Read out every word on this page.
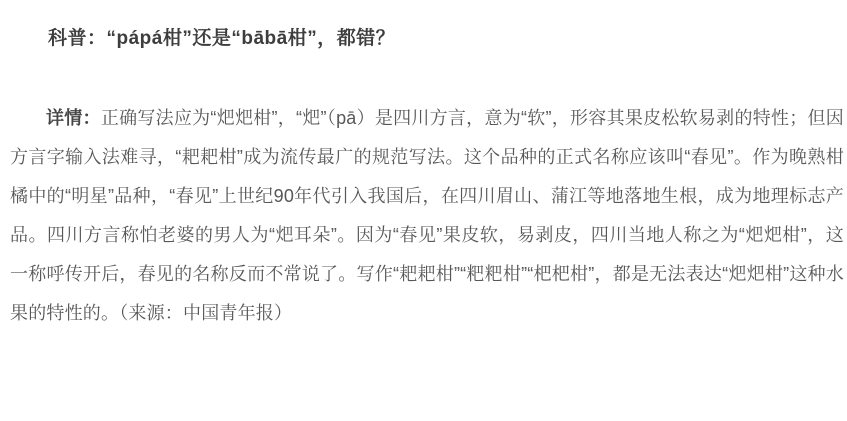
科普：“pápá柑”还是“bābā柑”，都错？

详情：正确写法应为“𤆵𤆵柑”，“𤆵”（pā）是四川方言，意为“软”，形容其果皮松软易剥的特性；但因方言字输入法难寻，“耙耙柑”成为流传最广的规范写法。这个品种的正式名称应该叫“春见”。作为晚熟柑橘中的“明星”品种，“春见”上世纪90年代引入我国后，在四川眉山、蒲江等地落地生根，成为地理标志产品。四川方言称怕老婆的男人为“𤆵耳朵”。因为“春见”果皮软，易剥皮，四川当地人称之为“𤆵𤆵柑”，这一称呼传开后，春见的名称反而不常说了。写作“耙耙柑”“粑粑柑”“杷杷柑”，都是无法表达“𤆵𤆵柑”这种水果的特性的。（来源：中国青年报）
